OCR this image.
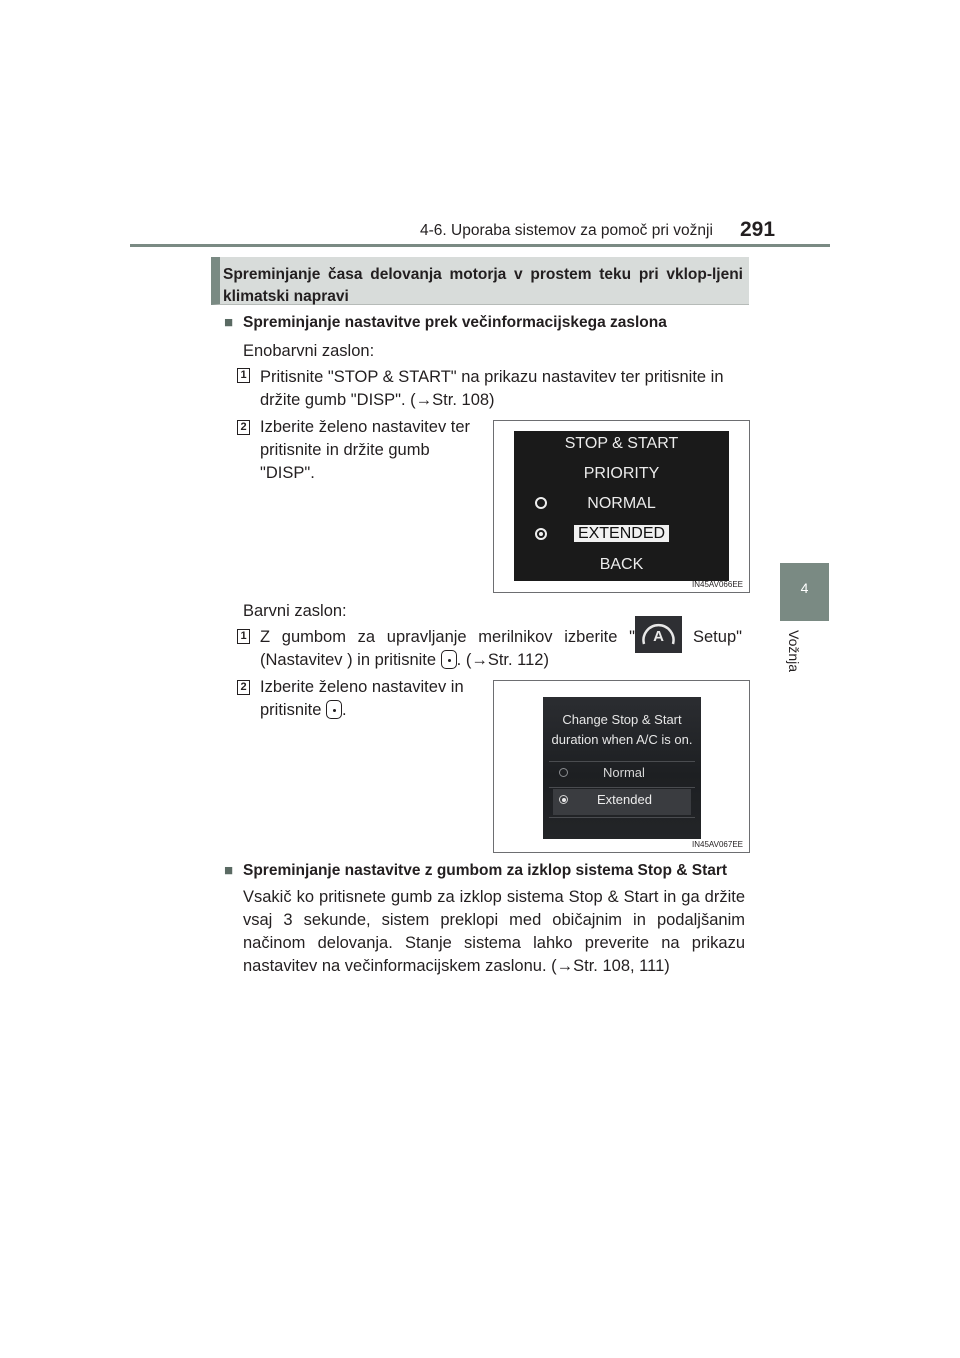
4-6. Uporaba sistemov za pomoč pri vožnji 291
4
Vožnja
Spreminjanje časa delovanja motorja v prostem teku pri vklop-ljeni klimatski napravi
■ Spreminjanje nastavitve prek večinformacijskega zaslona
Enobarvni zaslon:
1 Pritisnite "STOP & START" na prikazu nastavitev ter pritisnite in
držite gumb "DISP". (→Str. 108)
2 Izberite želeno nastavitev ter
pritisnite in držite gumb
"DISP".
STOP & START
PRIORITY
NORMAL
EXTENDED
BACK
IN45AV066EE
Barvni zaslon:
1 Z gumbom za upravljanje merilnikov izberite " A Setup"
(Nastavitev ) in pritisnite . (→Str. 112)
2 Izberite želeno nastavitev in
pritisnite .
Change Stop & Start
duration when A/C is on.
Normal
Extended
IN45AV067EE
■ Spreminjanje nastavitve z gumbom za izklop sistema Stop & Start
Vsakič ko pritisnete gumb za izklop sistema Stop & Start in ga držite
vsaj 3 sekunde, sistem preklopi med običajnim in podaljšanim
načinom delovanja. Stanje sistema lahko preverite na prikazu
nastavitev na večinformacijskem zaslonu. (→Str. 108, 111)
